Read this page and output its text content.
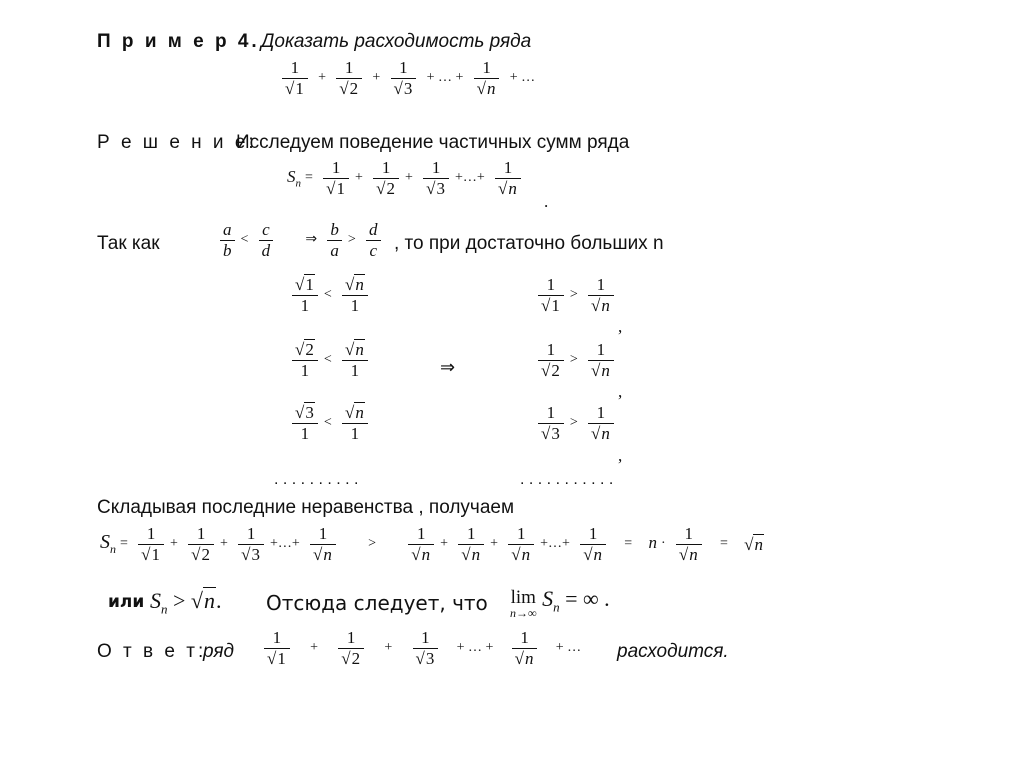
П р и м е р 4. Доказать расходимость ряда
$\frac{1}{√1} + \frac{1}{√2} + \frac{1}{√3}$ + … + $\frac{1}{√n}$ + …
Р е ш е н и е:
Исследуем поведение частичных сумм ряда
$S_n = \frac{1}{√1} + \frac{1}{√2} + \frac{1}{√3}$ +…+ $\frac{1}{√n}$
.
Так как	$\frac{a}{b} < \frac{c}{d}$ ⇒ $\frac{b}{a} > \frac{d}{c}$ , то при достаточно больших n
$\frac{√1}{1} < \frac{√n}{1}$
$\frac{√2}{1} < \frac{√n}{1}$
$\frac{√3}{1} < \frac{√n}{1}$
⇒
$\frac{1}{√1} > \frac{1}{√n}$
,
$\frac{1}{√2} > \frac{1}{√n}$
,
$\frac{1}{√3} > \frac{1}{√n}$
,
. . . . . . . . . .	. . . . . . . . . . .
Складывая последние неравенства , получаем
$S_n = \frac{1}{√1} + \frac{1}{√2} + \frac{1}{√3}$ +…+ $\frac{1}{√n} > \frac{1}{√n} + \frac{1}{√n} + \frac{1}{√n}$ +…+ $\frac{1}{√n} = n \cdot \frac{1}{√n} = √n$
или $S_n > √n$. Отсюда следует, что lim
n→∞
$S_n$ = ∞ .
О т в е т:
ряд $\frac{1}{√1} + \frac{1}{√2} + \frac{1}{√3}$ + … + $\frac{1}{√n}$ + …	расходится.
